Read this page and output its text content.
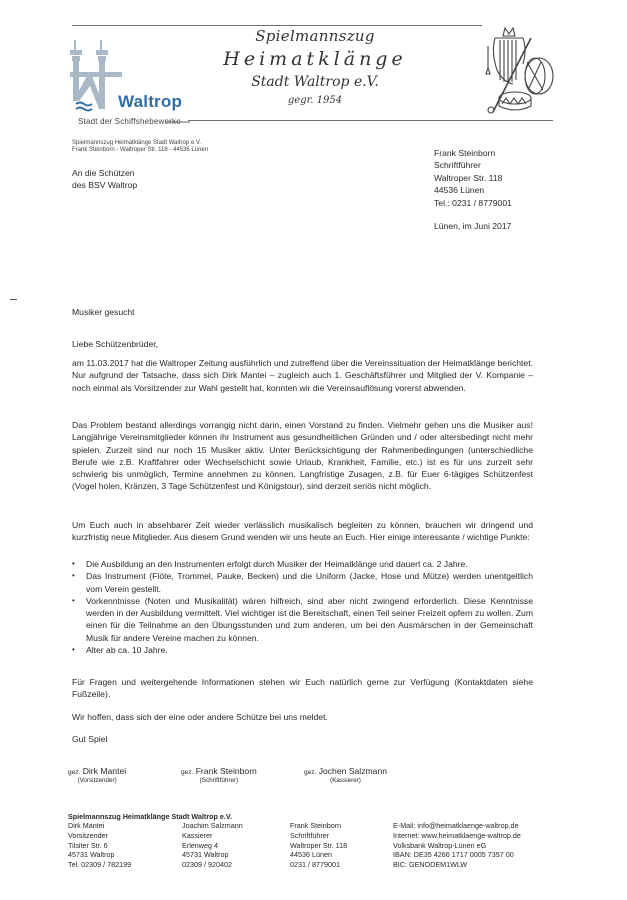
Waltrop
Stadt der Schiffshebewerke
Spielmannszug
Heimatklänge
Stadt Waltrop e.V.
gegr. 1954
Spielmannszug Heimatklänge Stadt Waltrop e.V.
Frank Steinborn - Waltroper Str. 118 - 44536 Lünen
An die Schützen
des BSV Waltrop
Frank Steinborn
Schriftführer
Waltroper Str. 118
44536 Lünen
Tel.: 0231 / 8779001
Lünen, im Juni 2017
Musiker gesucht
Liebe Schützenbrüder,
am 11.03.2017 hat die Waltroper Zeitung ausführlich und zutreffend über die Vereinssituation der Heimatklänge berichtet. Nur aufgrund der Tatsache, dass sich Dirk Mantei – zugleich auch 1. Geschäftsführer und Mitglied der V. Kompanie – noch einmal als Vorsitzender zur Wahl gestellt hat, konnten wir die Vereinsauflösung vorerst abwenden.
Das Problem bestand allerdings vorrangig nicht darin, einen Vorstand zu finden. Vielmehr gehen uns die Musiker aus! Langjährige Vereinsmitglieder können ihr Instrument aus gesundheitlichen Gründen und / oder altersbedingt nicht mehr spielen. Zurzeit sind nur noch 15 Musiker aktiv. Unter Berücksichtigung der Rahmenbedingungen (unterschiedliche Berufe wie z.B. Kraftfahrer oder Wechselschicht sowie Urlaub, Krankheit, Familie, etc.) ist es für uns zurzeit sehr schwierig bis unmöglich, Termine annehmen zu können. Langfristige Zusagen, z.B. für Euer 6-tägiges Schützenfest (Vogel holen, Kränzen, 3 Tage Schützenfest und Königstour), sind derzeit seriös nicht möglich.
Um Euch auch in absehbarer Zeit wieder verlässlich musikalisch begleiten zu können, brauchen wir dringend und kurzfristig neue Mitglieder. Aus diesem Grund wenden wir uns heute an Euch. Hier einige interessante / wichtige Punkte:
• Die Ausbildung an den Instrumenten erfolgt durch Musiker der Heimatklänge und dauert ca. 2 Jahre.
• Das Instrument (Flöte, Trommel, Pauke, Becken) und die Uniform (Jacke, Hose und Mütze) werden unentgeltlich vom Verein gestellt.
• Vorkenntnisse (Noten und Musikalität) wären hilfreich, sind aber nicht zwingend erforderlich. Diese Kenntnisse werden in der Ausbildung vermittelt. Viel wichtiger ist die Bereitschaft, einen Teil seiner Freizeit opfern zu wollen. Zum einen für die Teilnahme an den Übungsstunden und zum anderen, um bei den Ausmärschen in der Gemeinschaft Musik für andere Vereine machen zu können.
• Alter ab ca. 10 Jahre.
Für Fragen und weitergehende Informationen stehen wir Euch natürlich gerne zur Verfügung (Kontaktdaten siehe Fußzeile).
Wir hoffen, dass sich der eine oder andere Schütze bei uns meldet.
Gut Spiel
gez. Dirk Mantei
(Vorsitzender)
gez. Frank Steinborn
(Schriftführer)
gez. Jochen Salzmann
(Kassierer)
Spielmannszug Heimatklänge Stadt Waltrop e.V.
Dirk Mantei
Vorsitzender
Tilsiter Str. 6
45731 Waltrop
Tel. 02309 / 782199
Joachim Salzmann
Kassierer
Erlenweg 4
45731 Waltrop
02309 / 920402
Frank Steinborn
Schriftführer
Waltroper Str. 118
44536 Lünen
0231 / 8779001
E-Mail: info@heimatklaenge-waltrop.de
Internet: www.heimatklaenge-waltrop.de
Volksbank Waltrop-Lünen eG
IBAN: DE35 4266 1717 0005 7357 00
BIC: GENODEM1WLW
